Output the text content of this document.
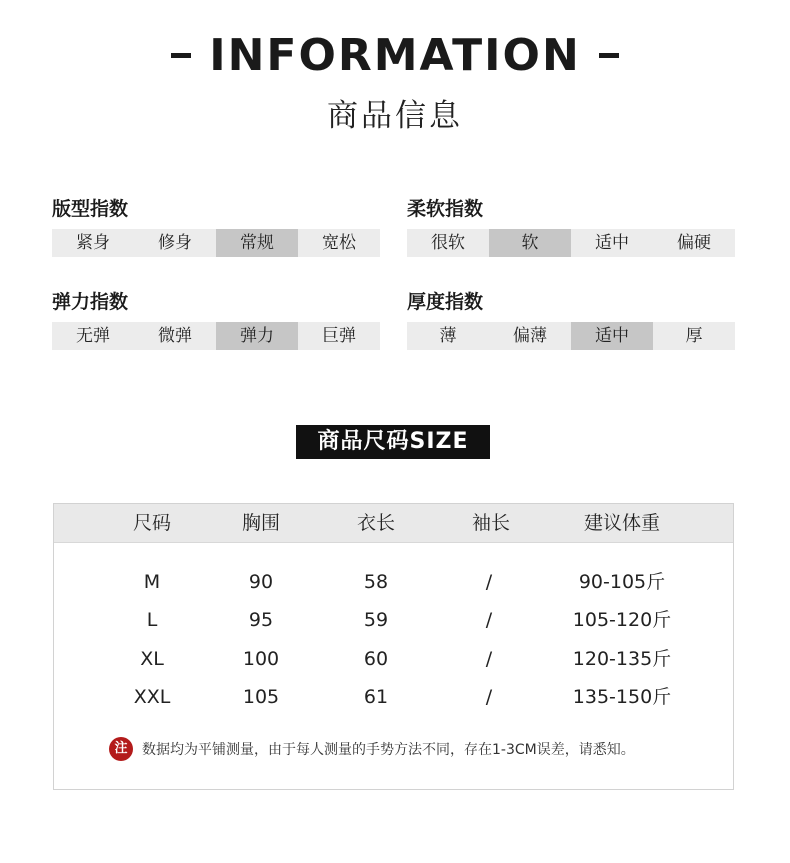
INFORMATION
商品信息
版型指数
紧身	修身	常规	宽松
柔软指数
很软	软	适中	偏硬
弹力指数
无弹	微弹	弹力	巨弹
厚度指数
薄	偏薄	适中	厚
商品尺码SIZE
尺码	胸围	衣长	袖长	建议体重
M	90	58	/	90-105斤
L	95	59	/	105-120斤
XL	100	60	/	120-135斤
XXL	105	61	/	135-150斤
注	数据均为平铺测量，由于每人测量的手势方法不同，存在1-3CM误差，请悉知。
